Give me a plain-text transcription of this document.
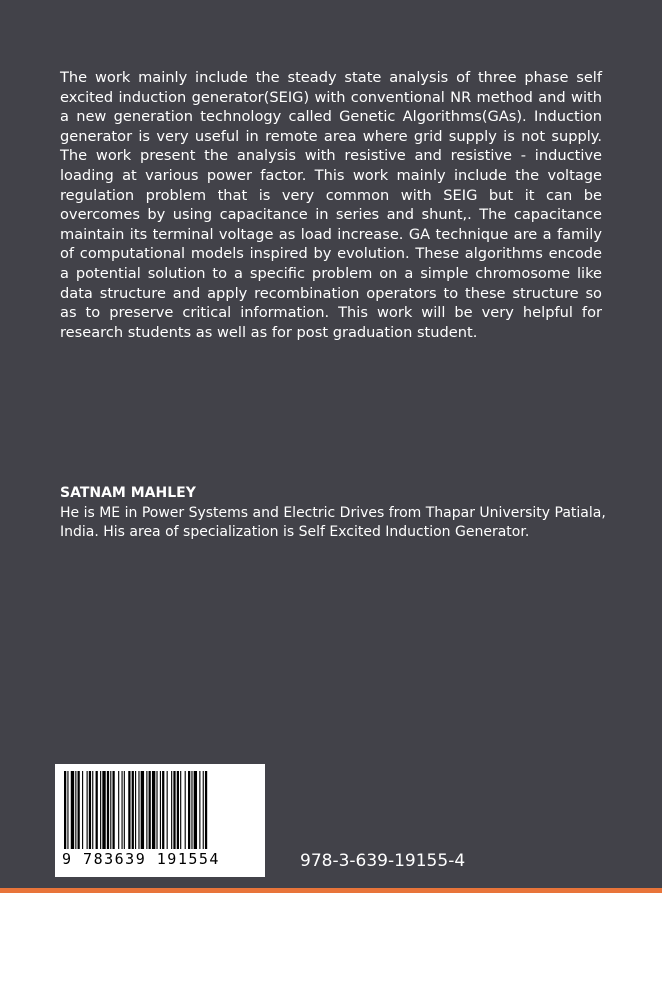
The work mainly include the steady state analysis of three phase self excited induction generator(SEIG) with conventional NR method and with a new generation technology called Genetic Algorithms(GAs). Induction generator is very useful in remote area where grid supply is not supply. The work present the analysis with resistive and resistive - inductive loading at various power factor. This work mainly include the voltage regulation problem that is very common with SEIG but it can be overcomes by using capacitance in series and shunt,. The capacitance maintain its terminal voltage as load increase. GA technique are a family of computational models inspired by evolution. These algorithms encode a potential solution to a specific problem on a simple chromosome like data structure and apply recombination operators to these structure so as to preserve critical information. This work will be very helpful for research students as well as for post graduation student.

SATNAM MAHLEY
He is ME in Power Systems and Electric Drives from Thapar University Patiala, India. His area of specialization is Self Excited Induction Generator.
9 783639 191554	978-3-639-19155-4
